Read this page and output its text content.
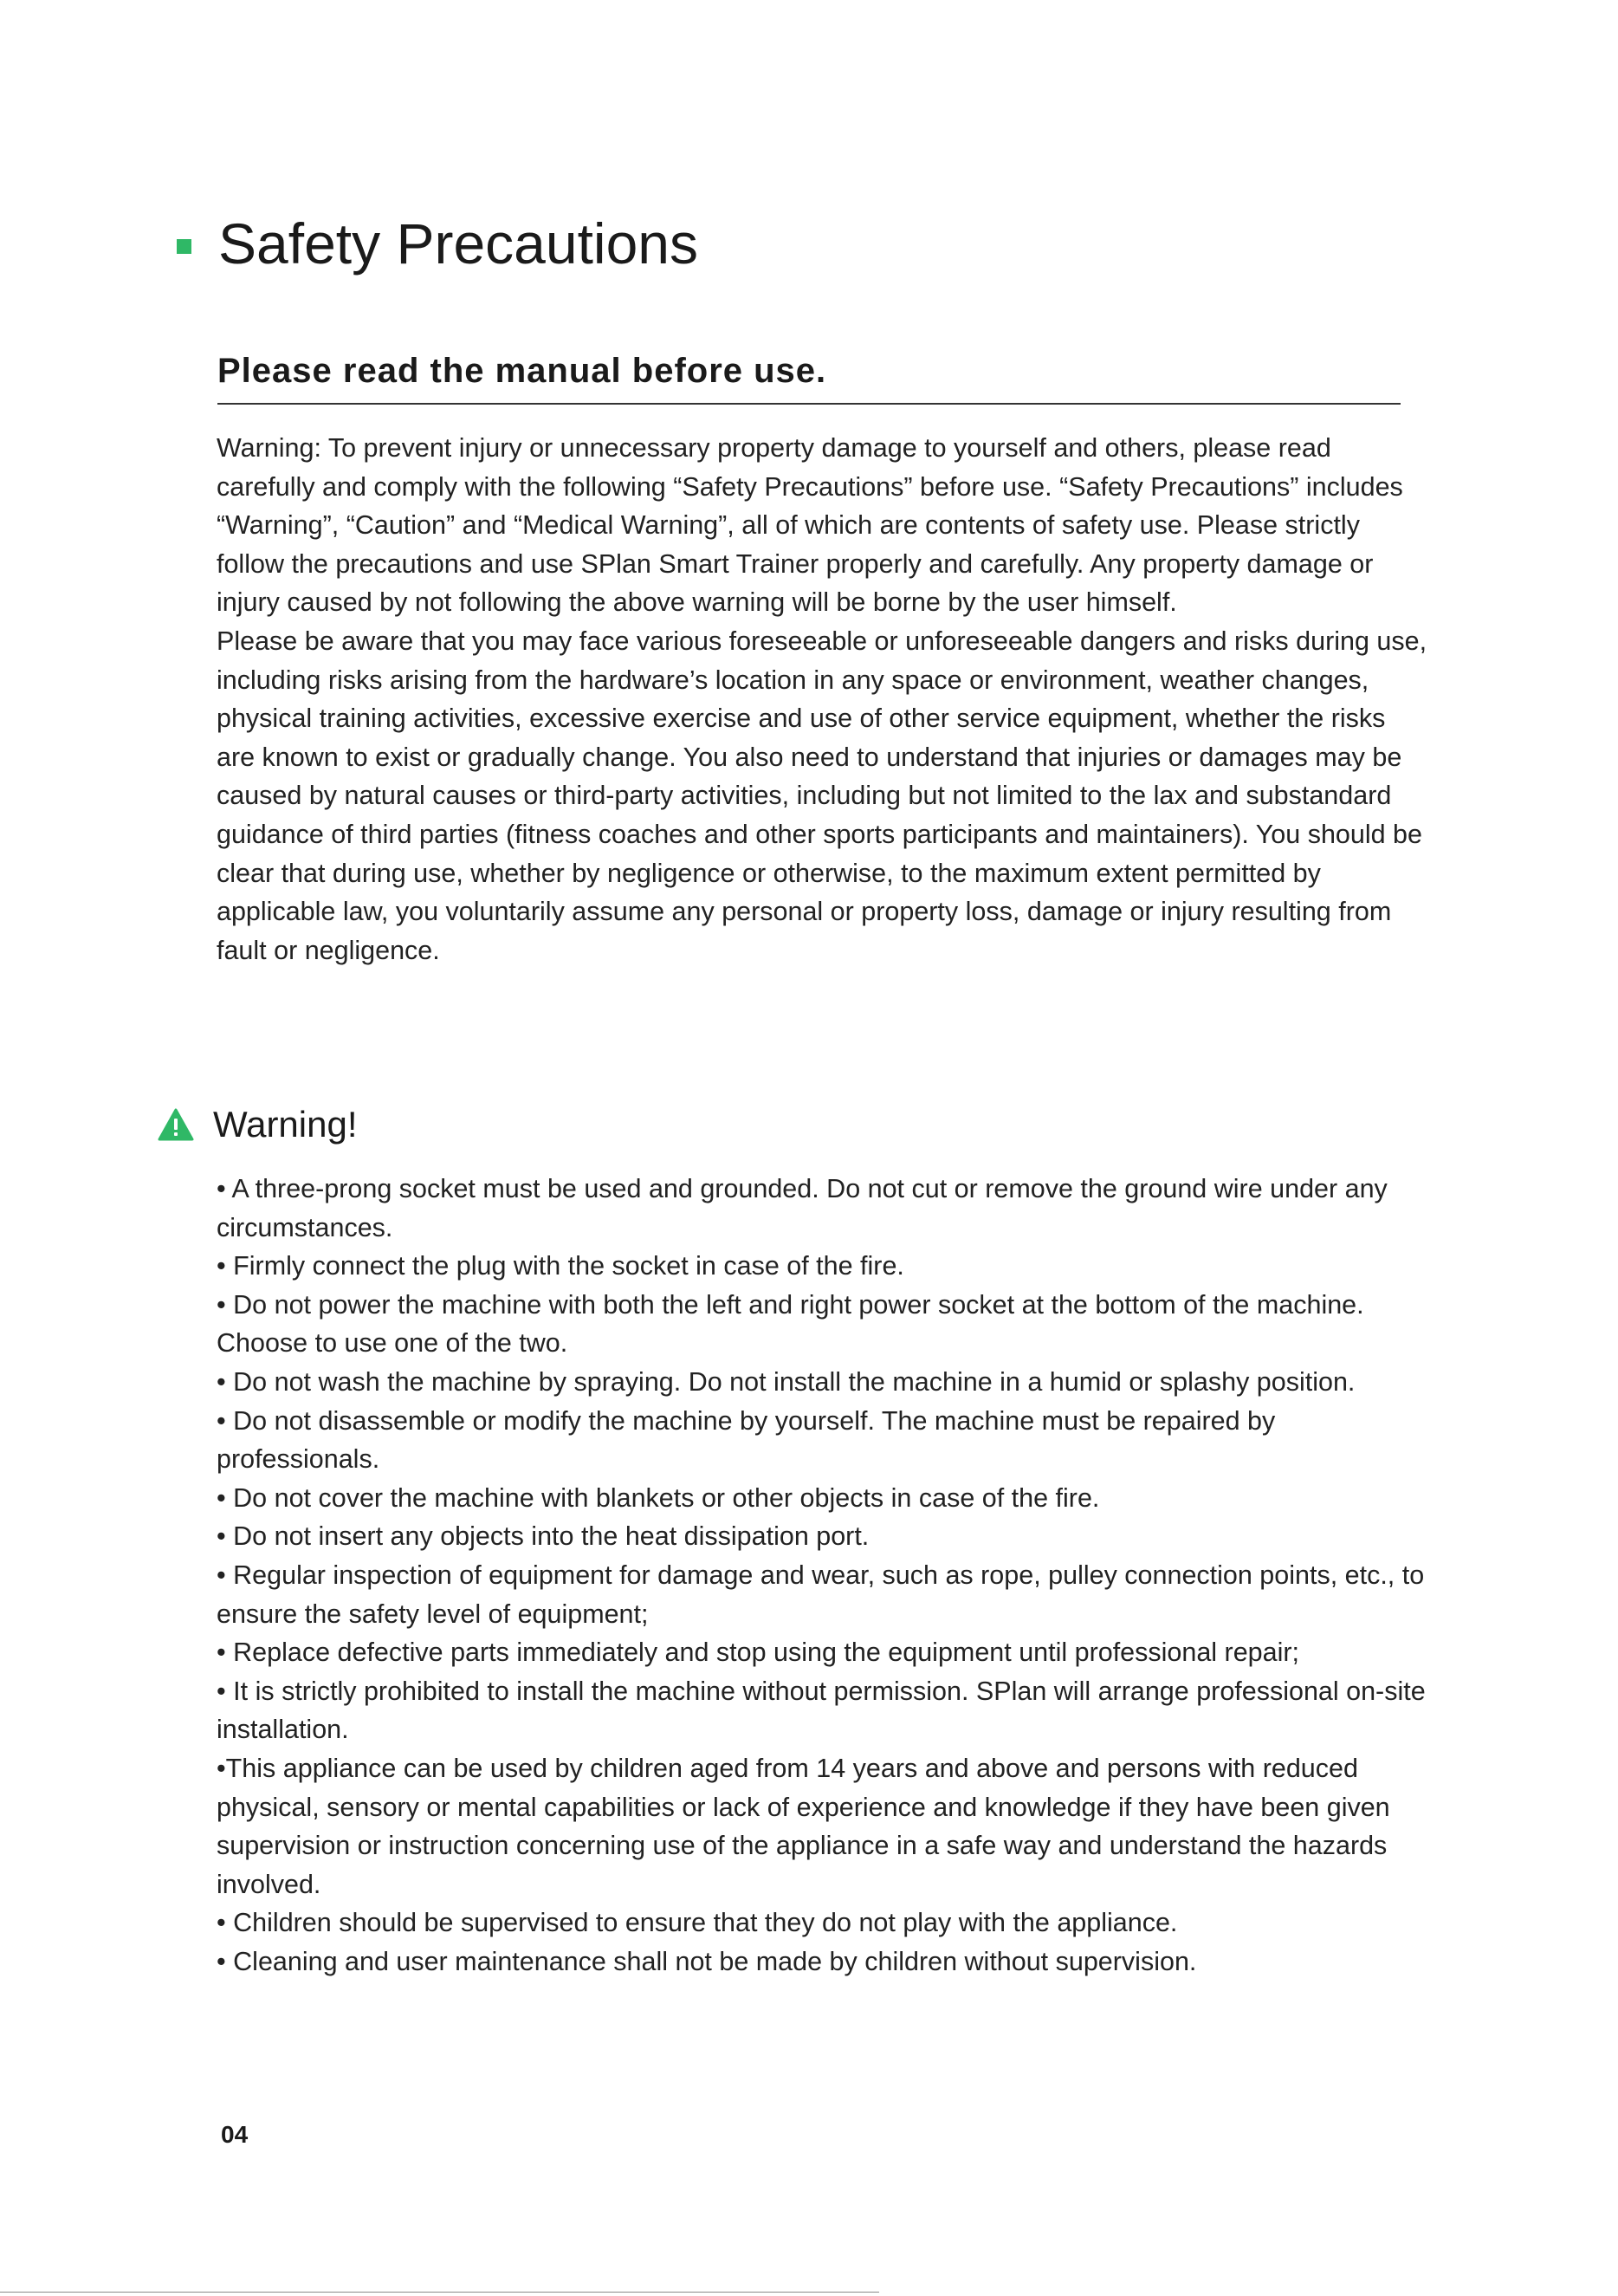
Safety Precautions
Please read the manual before use.

Warning: To prevent injury or unnecessary property damage to yourself and others, please read carefully and comply with the following “Safety Precautions” before use. “Safety Precautions” includes “Warning”, “Caution” and “Medical Warning”, all of which are contents of safety use. Please strictly follow the precautions and use SPlan Smart Trainer properly and carefully. Any property damage or injury caused by not following the above warning will be borne by the user himself.

Please be aware that you may face various foreseeable or unforeseeable dangers and risks during use, including risks arising from the hardware’s location in any space or environment, weather changes, physical training activities, excessive exercise and use of other service equipment, whether the risks are known to exist or gradually change. You also need to understand that injuries or damages may be caused by natural causes or third-party activities, including but not limited to the lax and substandard guidance of third parties (fitness coaches and other sports participants and maintainers). You should be clear that during use, whether by negligence or otherwise, to the maximum extent permitted by applicable law, you voluntarily assume any personal or property loss, damage or injury resulting from fault or negligence.

Warning!
• A three-prong socket must be used and grounded. Do not cut or remove the ground wire under any circumstances.
• Firmly connect the plug with the socket in case of the fire.
• Do not power the machine with both the left and right power socket at the bottom of the machine. Choose to use one of the two.
• Do not wash the machine by spraying. Do not install the machine in a humid or splashy position.
• Do not disassemble or modify the machine by yourself. The machine must be repaired by professionals.
• Do not cover the machine with blankets or other objects in case of the fire.
• Do not insert any objects into the heat dissipation port.
• Regular inspection of equipment for damage and wear, such as rope, pulley connection points, etc., to ensure the safety level of equipment;
• Replace defective parts immediately and stop using the equipment until professional repair;
• It is strictly prohibited to install the machine without permission. SPlan will arrange professional on-site installation.
•This appliance can be used by children aged from 14 years and above and persons with reduced physical, sensory or mental capabilities or lack of experience and knowledge if they have been given supervision or instruction concerning use of the appliance in a safe way and understand the hazards involved.
• Children should be supervised to ensure that they do not play with the appliance.
• Cleaning and user maintenance shall not be made by children without supervision.
04
